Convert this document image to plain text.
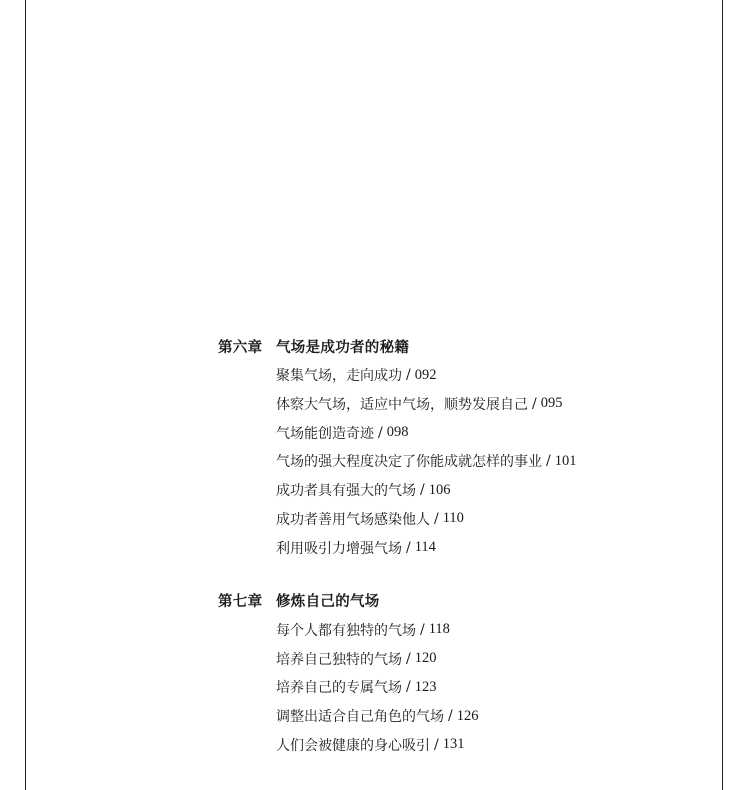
第六章 气场是成功者的秘籍
聚集气场，走向成功 / 092
体察大气场，适应中气场，顺势发展自己 / 095
气场能创造奇迹 / 098
气场的强大程度决定了你能成就怎样的事业 / 101
成功者具有强大的气场 / 106
成功者善用气场感染他人 / 110
利用吸引力增强气场 / 114
第七章 修炼自己的气场
每个人都有独特的气场 / 118
培养自己独特的气场 / 120
培养自己的专属气场 / 123
调整出适合自己角色的气场 / 126
人们会被健康的身心吸引 / 131
